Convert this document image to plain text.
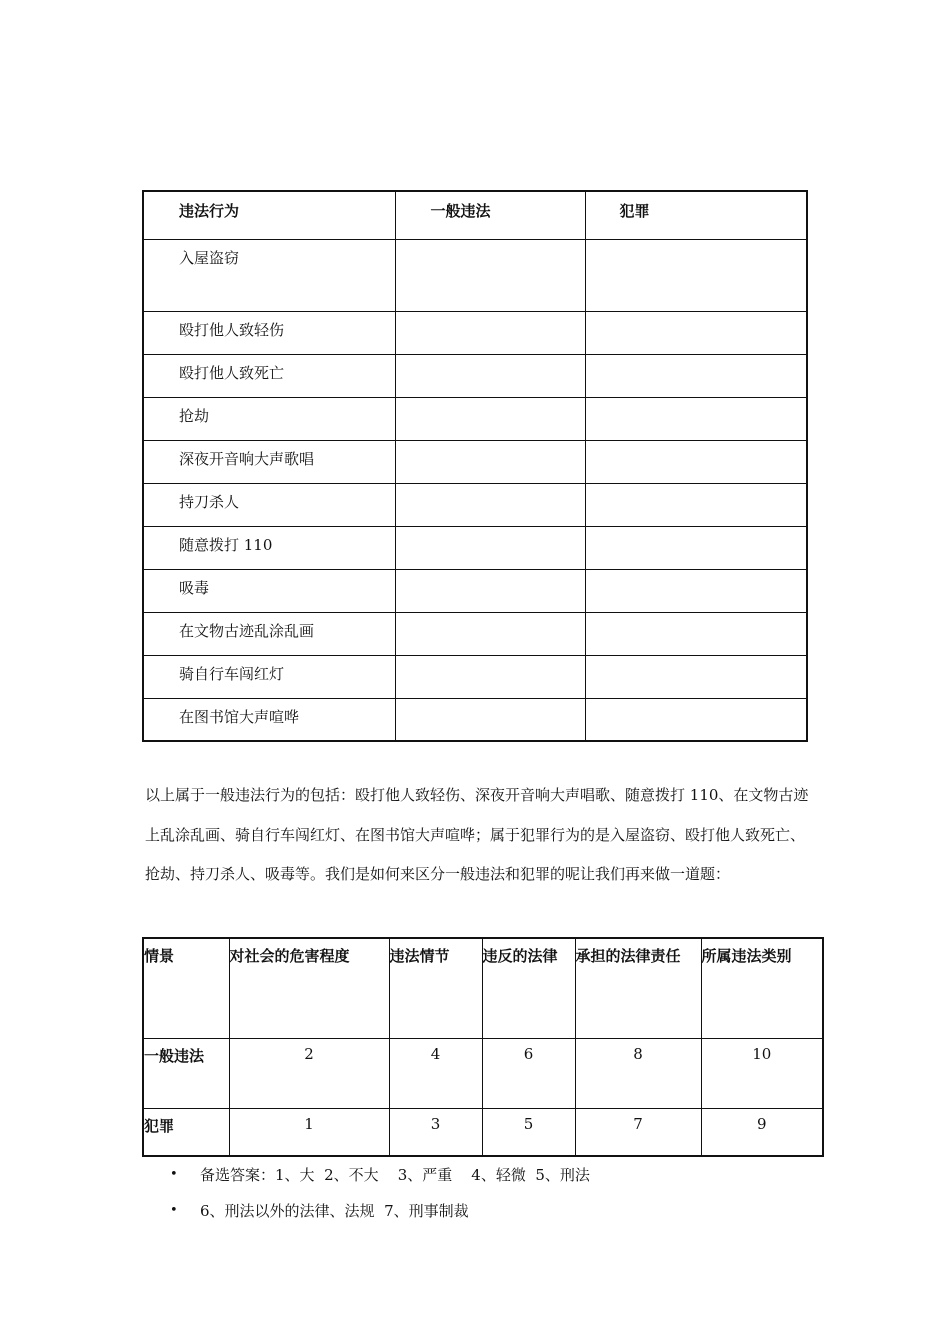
违法行为	一般违法	犯罪
入屋盗窃		
殴打他人致轻伤		
殴打他人致死亡		
抢劫		
深夜开音响大声歌唱		
持刀杀人		
随意拨打 110		
吸毒		
在文物古迹乱涂乱画		
骑自行车闯红灯		
在图书馆大声喧哗		

以上属于一般违法行为的包括：殴打他人致轻伤、深夜开音响大声唱歌、随意拨打 110、在文物古迹上乱涂乱画、骑自行车闯红灯、在图书馆大声喧哗；属于犯罪行为的是入屋盗窃、殴打他人致死亡、抢劫、持刀杀人、吸毒等。我们是如何来区分一般违法和犯罪的呢让我们再来做一道题：

情景	对社会的危害程度	违法情节	违反的法律	承担的法律责任	所属违法类别
一般违法	2	4	6	8	10
犯罪	1	3	5	7	9
•	备选答案：1、大  2、不大    3、严重    4、轻微  5、刑法
•	6、刑法以外的法律、法规  7、刑事制裁
